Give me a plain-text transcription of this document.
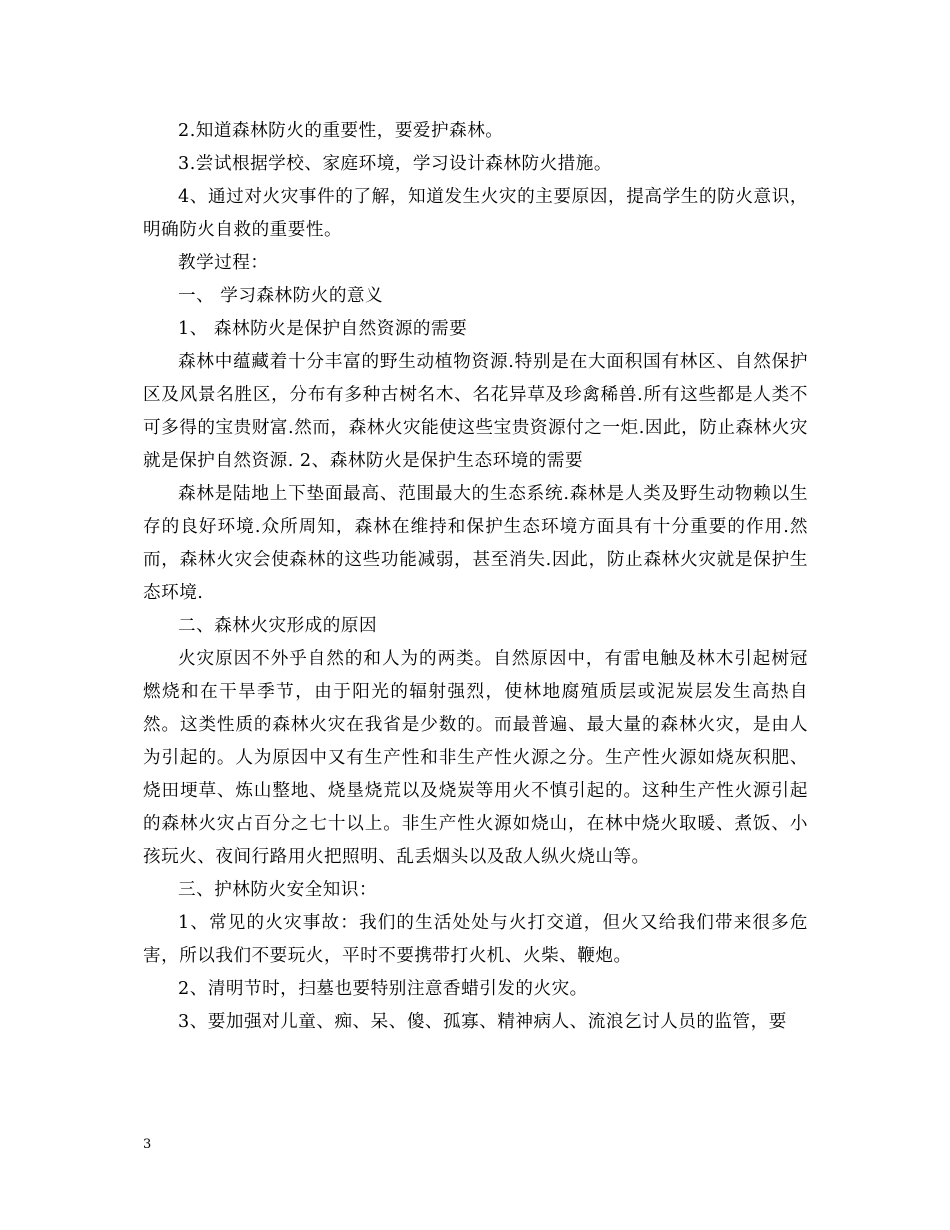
2.知道森林防火的重要性，要爱护森林。

3.尝试根据学校、家庭环境，学习设计森林防火措施。

4、通过对火灾事件的了解，知道发生火灾的主要原因，提高学生的防火意识，明确防火自救的重要性。

教学过程：

一、 学习森林防火的意义

1、 森林防火是保护自然资源的需要

森林中蕴藏着十分丰富的野生动植物资源.特别是在大面积国有林区、自然保护区及风景名胜区，分布有多种古树名木、名花异草及珍禽稀兽.所有这些都是人类不可多得的宝贵财富.然而，森林火灾能使这些宝贵资源付之一炬.因此，防止森林火灾就是保护自然资源. 2、森林防火是保护生态环境的需要

森林是陆地上下垫面最高、范围最大的生态系统.森林是人类及野生动物赖以生存的良好环境.众所周知，森林在维持和保护生态环境方面具有十分重要的作用.然而，森林火灾会使森林的这些功能减弱，甚至消失.因此，防止森林火灾就是保护生态环境.

二、森林火灾形成的原因

火灾原因不外乎自然的和人为的两类。自然原因中，有雷电触及林木引起树冠燃烧和在干旱季节，由于阳光的辐射强烈，使林地腐殖质层或泥炭层发生高热自然。这类性质的森林火灾在我省是少数的。而最普遍、最大量的森林火灾，是由人为引起的。人为原因中又有生产性和非生产性火源之分。生产性火源如烧灰积肥、烧田埂草、炼山整地、烧垦烧荒以及烧炭等用火不慎引起的。这种生产性火源引起的森林火灾占百分之七十以上。非生产性火源如烧山，在林中烧火取暖、煮饭、小孩玩火、夜间行路用火把照明、乱丢烟头以及敌人纵火烧山等。

三、护林防火安全知识：

1、常见的火灾事故：我们的生活处处与火打交道，但火又给我们带来很多危害，所以我们不要玩火，平时不要携带打火机、火柴、鞭炮。

2、清明节时，扫墓也要特别注意香蜡引发的火灾。

3、要加强对儿童、痴、呆、傻、孤寡、精神病人、流浪乞讨人员的监管，要

3
